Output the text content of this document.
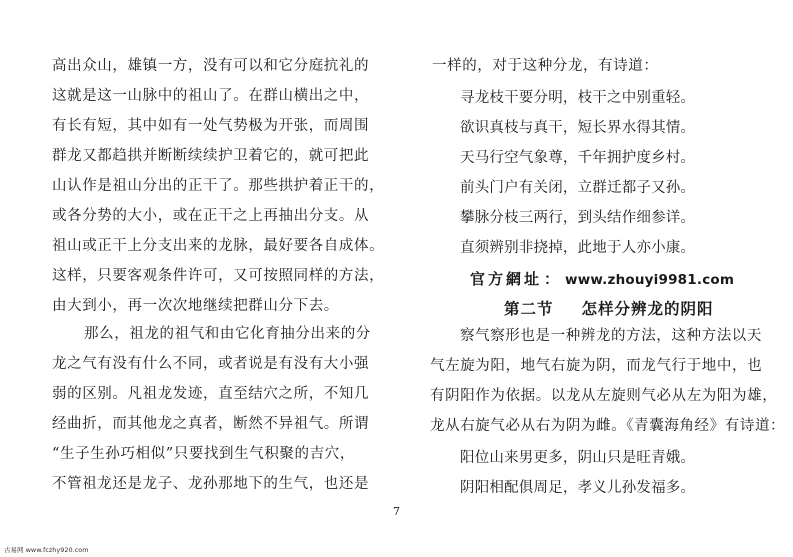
高出众山，雄镇一方，没有可以和它分庭抗礼的
这就是这一山脉中的祖山了。在群山横出之中，
有长有短，其中如有一处气势极为开张，而周围
群龙又都趋拱并断断续续护卫着它的，就可把此
山认作是祖山分出的正干了。那些拱护着正干的，
或各分势的大小，或在正干之上再抽出分支。从
祖山或正干上分支出来的龙脉，最好要各自成体。
这样，只要客观条件许可，又可按照同样的方法，
由大到小，再一次次地继续把群山分下去。
那么，祖龙的祖气和由它化育抽分出来的分
龙之气有没有什么不同，或者说是有没有大小强
弱的区别。凡祖龙发迹，直至结穴之所，不知几
经曲折，而其他龙之真者，断然不异祖气。所谓
“生子生孙巧相似”只要找到生气积聚的吉穴，
不管祖龙还是龙子、龙孙那地下的生气，也还是
一样的，对于这种分龙，有诗道：
寻龙枝干要分明，枝干之中别重轻。
欲识真枝与真干，短长界水得其情。
天马行空气象尊，千年拥护度乡村。
前头门户有关闭，立群迁都子又孙。
攀脉分枝三两行，到头结作细参详。
直须辨别非挠掉，此地于人亦小康。
官方網址 ： www.zhouyi9981.com
第二节 怎样分辨龙的阴阳
察气察形也是一种辨龙的方法，这种方法以天
气左旋为阳，地气右旋为阴，而龙气行于地中，也
有阴阳作为依据。以龙从左旋则气必从左为阳为雄，
龙从右旋气必从右为阴为雌。《青囊海角经》有诗道：
阳位山来男更多，阴山只是旺青娥。
阴阳相配俱周足，孝义儿孙发福多。
7
古易网 www.fczhy920.com
